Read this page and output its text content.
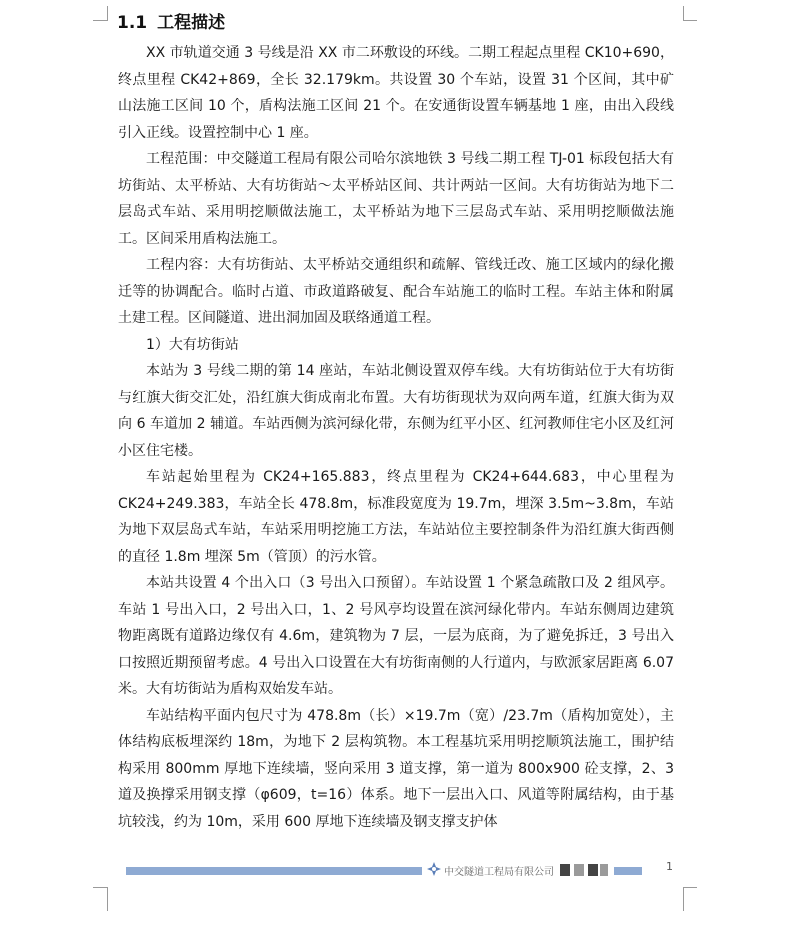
1.1 工程描述

XX 市轨道交通 3 号线是沿 XX 市二环敷设的环线。二期工程起点里程 CK10+690，终点里程 CK42+869，全长 32.179km。共设置 30 个车站，设置 31 个区间，其中矿山法施工区间 10 个，盾构法施工区间 21 个。在安通街设置车辆基地 1 座，由出入段线引入正线。设置控制中心 1 座。

工程范围：中交隧道工程局有限公司哈尔滨地铁 3 号线二期工程 TJ-01 标段包括大有坊街站、太平桥站、大有坊街站～太平桥站区间、共计两站一区间。大有坊街站为地下二层岛式车站、采用明挖顺做法施工，太平桥站为地下三层岛式车站、采用明挖顺做法施工。区间采用盾构法施工。

工程内容：大有坊街站、太平桥站交通组织和疏解、管线迁改、施工区域内的绿化搬迁等的协调配合。临时占道、市政道路破复、配合车站施工的临时工程。车站主体和附属土建工程。区间隧道、进出洞加固及联络通道工程。

1）大有坊街站

本站为 3 号线二期的第 14 座站，车站北侧设置双停车线。大有坊街站位于大有坊街与红旗大街交汇处，沿红旗大街成南北布置。大有坊街现状为双向两车道，红旗大街为双向 6 车道加 2 辅道。车站西侧为滨河绿化带，东侧为红平小区、红河教师住宅小区及红河小区住宅楼。

车站起始里程为 CK24+165.883，终点里程为 CK24+644.683，中心里程为 CK24+249.383，车站全长 478.8m，标准段宽度为 19.7m，埋深 3.5m~3.8m，车站为地下双层岛式车站，车站采用明挖施工方法，车站站位主要控制条件为沿红旗大街西侧的直径 1.8m 埋深 5m（管顶）的污水管。

本站共设置 4 个出入口（3 号出入口预留）。车站设置 1 个紧急疏散口及 2 组风亭。车站 1 号出入口，2 号出入口，1、2 号风亭均设置在滨河绿化带内。车站东侧周边建筑物距离既有道路边缘仅有 4.6m，建筑物为 7 层，一层为底商，为了避免拆迁，3 号出入口按照近期预留考虑。4 号出入口设置在大有坊街南侧的人行道内，与欧派家居距离 6.07 米。大有坊街站为盾构双始发车站。

车站结构平面内包尺寸为 478.8m（长）×19.7m（宽）/23.7m（盾构加宽处），主体结构底板埋深约 18m，为地下 2 层构筑物。本工程基坑采用明挖顺筑法施工，围护结构采用 800mm 厚地下连续墙，竖向采用 3 道支撑，第一道为 800x900 砼支撑，2、3 道及换撑采用钢支撑（φ609，t=16）体系。地下一层出入口、风道等附属结构，由于基坑较浅，约为 10m，采用 600 厚地下连续墙及钢支撑支护体

中交隧道工程局有限公司	1
